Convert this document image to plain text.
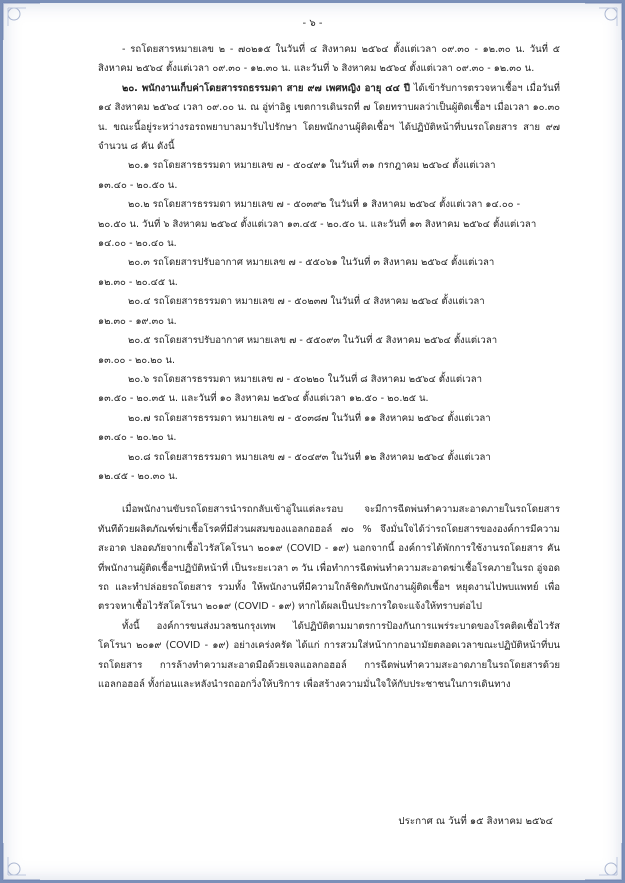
- ๖ -

- รถโดยสารหมายเลข ๒ - ๗๐๒๑๕ ในวันที่ ๔ สิงหาคม ๒๕๖๔ ตั้งแต่เวลา ๐๙.๓๐ - ๑๒.๓๐ น. วันที่ ๕ สิงหาคม ๒๕๖๔ ตั้งแต่เวลา ๐๙.๓๐ - ๑๒.๓๐ น. และวันที่ ๖ สิงหาคม ๒๕๖๔ ตั้งแต่เวลา ๐๙.๓๐ - ๑๒.๓๐ น.

๒๐. พนักงานเก็บค่าโดยสารรถธรรมดา สาย ๙๗ เพศหญิง อายุ ๔๔ ปี ได้เข้ารับการตรวจหาเชื้อฯ เมื่อวันที่ ๑๔ สิงหาคม ๒๕๖๔ เวลา ๐๙.๐๐ น. ณ อู่ท่าอิฐ เขตการเดินรถที่ ๗ โดยทราบผลว่าเป็นผู้ติดเชื้อฯ เมื่อเวลา ๑๐.๓๐ น. ขณะนี้อยู่ระหว่างรอรถพยาบาลมารับไปรักษา โดยพนักงานผู้ติดเชื้อฯ ได้ปฏิบัติหน้าที่บนรถโดยสาร สาย ๙๗ จำนวน ๘ คัน ดังนี้

๒๐.๑ รถโดยสารธรรมดา หมายเลข ๗ - ๕๐๔๙๑ ในวันที่ ๓๑ กรกฎาคม ๒๕๖๔ ตั้งแต่เวลา
๑๓.๔๐ - ๒๐.๕๐ น.

๒๐.๒ รถโดยสารธรรมดา หมายเลข ๗ - ๕๐๓๙๒ ในวันที่ ๑ สิงหาคม ๒๕๖๔ ตั้งแต่เวลา ๑๔.๐๐ -
๒๐.๕๐ น. วันที่ ๖ สิงหาคม ๒๕๖๔ ตั้งแต่เวลา ๑๓.๔๕ - ๒๐.๕๐ น. และวันที่ ๑๓ สิงหาคม ๒๕๖๔ ตั้งแต่เวลา ๑๔.๐๐ - ๒๐.๔๐ น.

๒๐.๓ รถโดยสารปรับอากาศ หมายเลข ๗ - ๕๕๐๖๑ ในวันที่ ๓ สิงหาคม ๒๕๖๔ ตั้งแต่เวลา
๑๒.๓๐ - ๒๐.๔๕ น.

๒๐.๔ รถโดยสารธรรมดา หมายเลข ๗ - ๕๐๒๓๗ ในวันที่ ๔ สิงหาคม ๒๕๖๔ ตั้งแต่เวลา
๑๒.๓๐ - ๑๙.๓๐ น.

๒๐.๕ รถโดยสารปรับอากาศ หมายเลข ๗ - ๕๕๐๙๓ ในวันที่ ๕ สิงหาคม ๒๕๖๔ ตั้งแต่เวลา
๑๓.๐๐ - ๒๐.๒๐ น.

๒๐.๖ รถโดยสารธรรมดา หมายเลข ๗ - ๕๐๒๒๐ ในวันที่ ๘ สิงหาคม ๒๕๖๔ ตั้งแต่เวลา
๑๓.๕๐ - ๒๐.๓๕ น. และวันที่ ๑๐ สิงหาคม ๒๕๖๔ ตั้งแต่เวลา ๑๒.๕๐ - ๒๐.๒๕ น.

๒๐.๗ รถโดยสารธรรมดา หมายเลข ๗ - ๕๐๓๘๗ ในวันที่ ๑๑ สิงหาคม ๒๕๖๔ ตั้งแต่เวลา
๑๓.๔๐ - ๒๐.๒๐ น.

๒๐.๘ รถโดยสารธรรมดา หมายเลข ๗ - ๕๐๔๙๓ ในวันที่ ๑๒ สิงหาคม ๒๕๖๔ ตั้งแต่เวลา
๑๒.๔๕ - ๒๐.๓๐ น.

เมื่อพนักงานขับรถโดยสารนำรถกลับเข้าอู่ในแต่ละรอบ จะมีการฉีดพ่นทำความสะอาดภายในรถโดยสารทันทีด้วยผลิตภัณฑ์ฆ่าเชื้อโรคที่มีส่วนผสมของแอลกอฮอล์ ๗๐ % จึงมั่นใจได้ว่ารถโดยสารขององค์การมีความสะอาด ปลอดภัยจากเชื้อไวรัสโคโรนา ๒๐๑๙ (COVID - ๑๙) นอกจากนี้ องค์การได้พักการใช้งานรถโดยสาร คันที่พนักงานผู้ติดเชื้อฯปฏิบัติหน้าที่ เป็นระยะเวลา ๓ วัน เพื่อทำการฉีดพ่นทำความสะอาดฆ่าเชื้อโรคภายในรถ อู่จอดรถ และทำปล่อยรถโดยสาร รวมทั้ง ให้พนักงานที่มีความใกล้ชิดกับพนักงานผู้ติดเชื้อฯ หยุดงานไปพบแพทย์ เพื่อตรวจหาเชื้อไวรัสโคโรนา ๒๐๑๙ (COVID - ๑๙) หากได้ผลเป็นประการใดจะแจ้งให้ทราบต่อไป

ทั้งนี้ องค์การขนส่งมวลชนกรุงเทพ ได้ปฏิบัติตามมาตรการป้องกันการแพร่ระบาดของโรคติดเชื้อไวรัสโคโรนา ๒๐๑๙ (COVID - ๑๙) อย่างเคร่งครัด ได้แก่ การสวมใส่หน้ากากอนามัยตลอดเวลาขณะปฏิบัติหน้าที่บนรถโดยสาร การล้างทำความสะอาดมือด้วยเจลแอลกอฮอล์ การฉีดพ่นทำความสะอาดภายในรถโดยสารด้วยแอลกอฮอล์ ทั้งก่อนและหลังนำรถออกวิ่งให้บริการ เพื่อสร้างความมั่นใจให้กับประชาชนในการเดินทาง

ประกาศ ณ วันที่ ๑๕ สิงหาคม ๒๕๖๔
